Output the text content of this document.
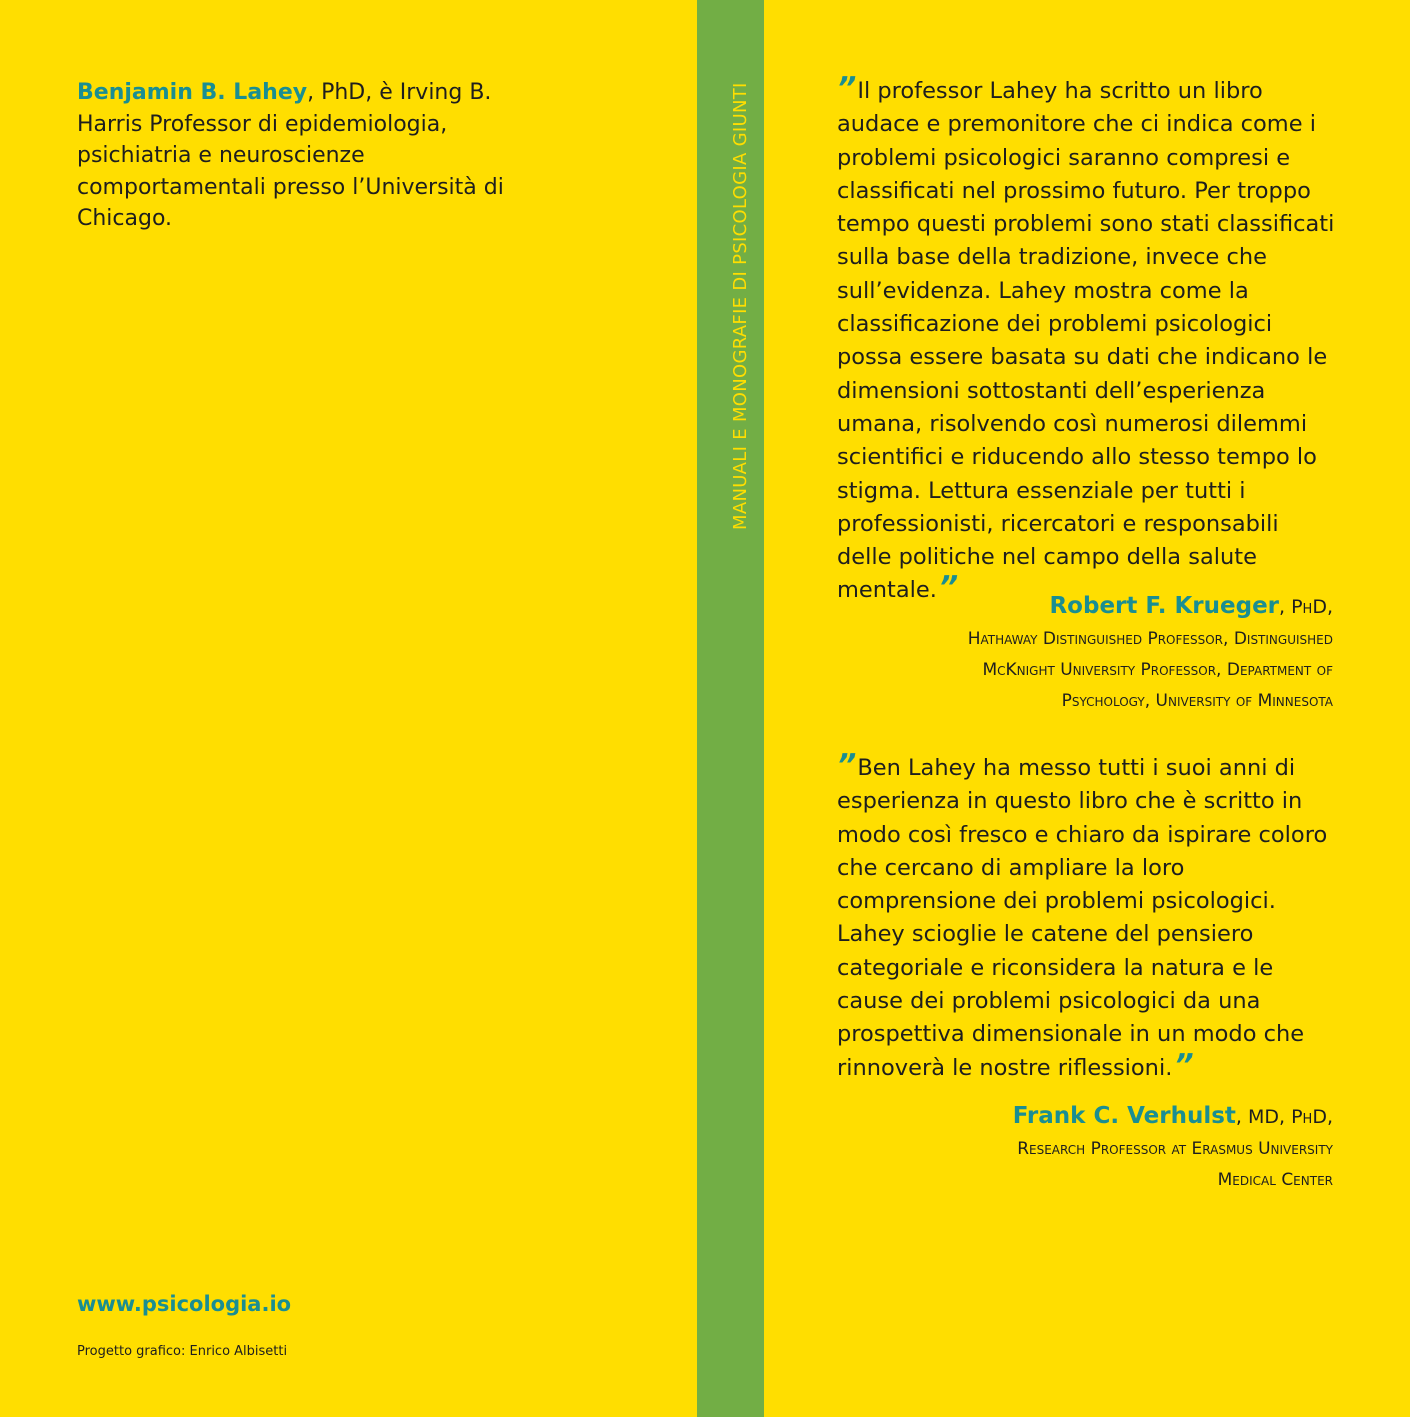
Benjamin B. Lahey, PhD, è Irving B. Harris Professor di epidemiologia, psichiatria e neuroscienze comportamentali presso l’Università di Chicago.

www.psicologia.io
Progetto grafico: Enrico Albisetti
MANUALI E MONOGRAFIE DI PSICOLOGIA GIUNTI	” Il professor Lahey ha scritto un libro audace e premonitore che ci indica come i problemi psicologici saranno compresi e classificati nel prossimo futuro. Per troppo tempo questi problemi sono stati classificati sulla base della tradizione, invece che sull’evidenza. Lahey mostra come la classificazione dei problemi psicologici possa essere basata su dati che indicano le dimensioni sottostanti dell’esperienza umana, risolvendo così numerosi dilemmi scientifici e riducendo allo stesso tempo lo stigma. Lettura essenziale per tutti i professionisti, ricercatori e responsabili delle politiche nel campo della salute mentale.”

Robert F. Krueger, PhD,
Hathaway Distinguished Professor, Distinguished
McKnight University Professor, Department of
Psychology, University of Minnesota

” Ben Lahey ha messo tutti i suoi anni di esperienza in questo libro che è scritto in modo così fresco e chiaro da ispirare coloro che cercano di ampliare la loro comprensione dei problemi psicologici. Lahey scioglie le catene del pensiero categoriale e riconsidera la natura e le cause dei problemi psicologici da una prospettiva dimensionale in un modo che rinnoverà le nostre riflessioni.”

Frank C. Verhulst, MD, PhD,
Research Professor at Erasmus University
Medical Center
